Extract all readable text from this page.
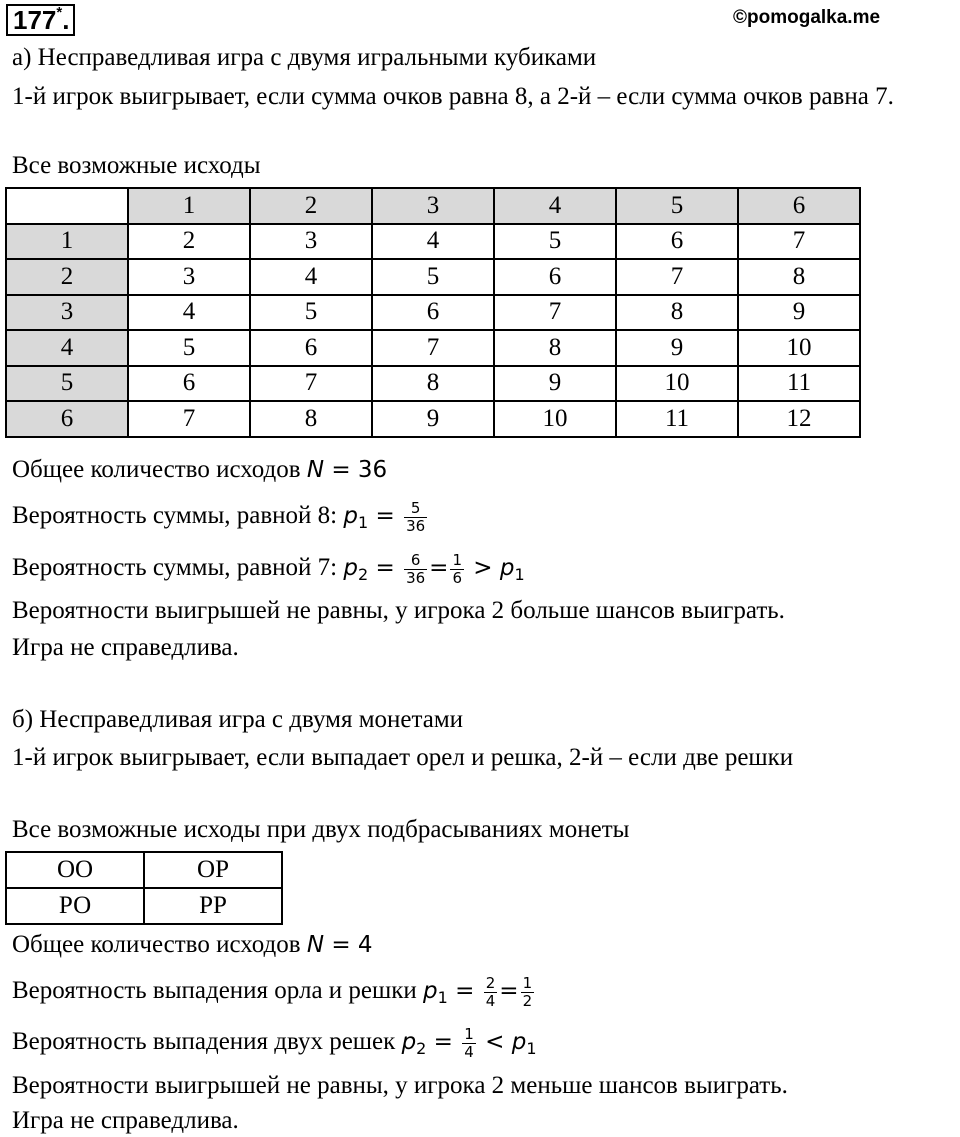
177*.	©pomogalka.me
а) Несправедливая игра с двумя игральными кубиками
1-й игрок выигрывает, если сумма очков равна 8, а 2-й – если сумма очков равна 7.
Все возможные исходы
	1	2	3	4	5	6
1	2	3	4	5	6	7
2	3	4	5	6	7	8
3	4	5	6	7	8	9
4	5	6	7	8	9	10
5	6	7	8	9	10	11
6	7	8	9	10	11	12
Общее количество исходов N = 36
Вероятность суммы, равной 8: $p_1 = \frac{5}{36}$
Вероятность суммы, равной 7: $p_2 = \frac{6}{36} = \frac{1}{6} > p_1$
Вероятности выигрышей не равны, у игрока 2 больше шансов выиграть.
Игра не справедлива.
б) Несправедливая игра с двумя монетами
1-й игрок выигрывает, если выпадает орел и решка, 2-й – если две решки
Все возможные исходы при двух подбрасываниях монеты
ОО	ОР
РО	РР
Общее количество исходов N = 4
Вероятность выпадения орла и решки $p_1 = \frac{2}{4} = \frac{1}{2}$
Вероятность выпадения двух решек $p_2 = \frac{1}{4} < p_1$
Вероятности выигрышей не равны, у игрока 2 меньше шансов выиграть.
Игра не справедлива.
